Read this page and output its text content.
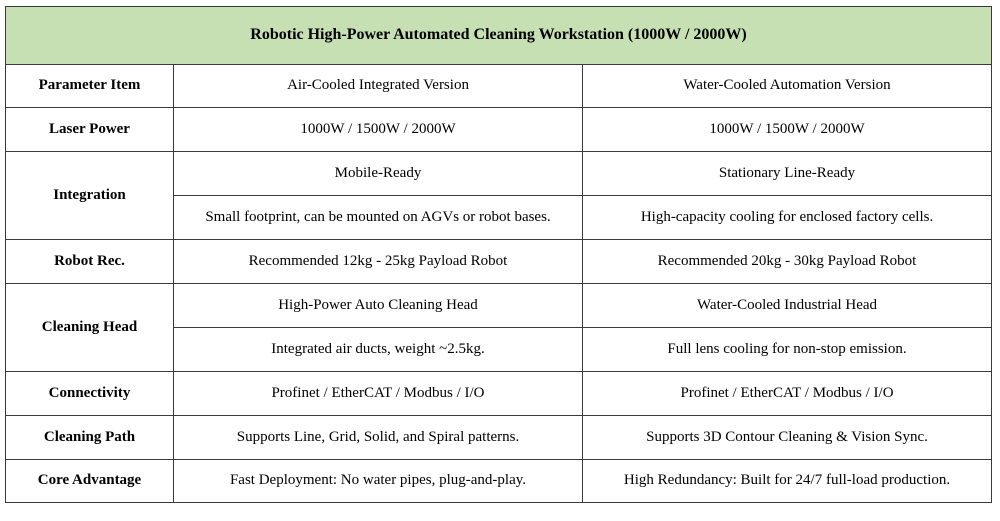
Robotic High-Power Automated Cleaning Workstation (1000W / 2000W)		
Parameter Item	Air-Cooled Integrated Version	Water-Cooled Automation Version
Laser Power	1000W / 1500W / 2000W	1000W / 1500W / 2000W
Integration	Mobile-Ready	Stationary Line-Ready
	Small footprint, can be mounted on AGVs or robot bases.	High-capacity cooling for enclosed factory cells.
Robot Rec.	Recommended 12kg - 25kg Payload Robot	Recommended 20kg - 30kg Payload Robot
Cleaning Head	High-Power Auto Cleaning Head	Water-Cooled Industrial Head
	Integrated air ducts, weight ~2.5kg.	Full lens cooling for non-stop emission.
Connectivity	Profinet / EtherCAT / Modbus / I/O	Profinet / EtherCAT / Modbus / I/O
Cleaning Path	Supports Line, Grid, Solid, and Spiral patterns.	Supports 3D Contour Cleaning & Vision Sync.
Core Advantage	Fast Deployment: No water pipes, plug-and-play.	High Redundancy: Built for 24/7 full-load production.
